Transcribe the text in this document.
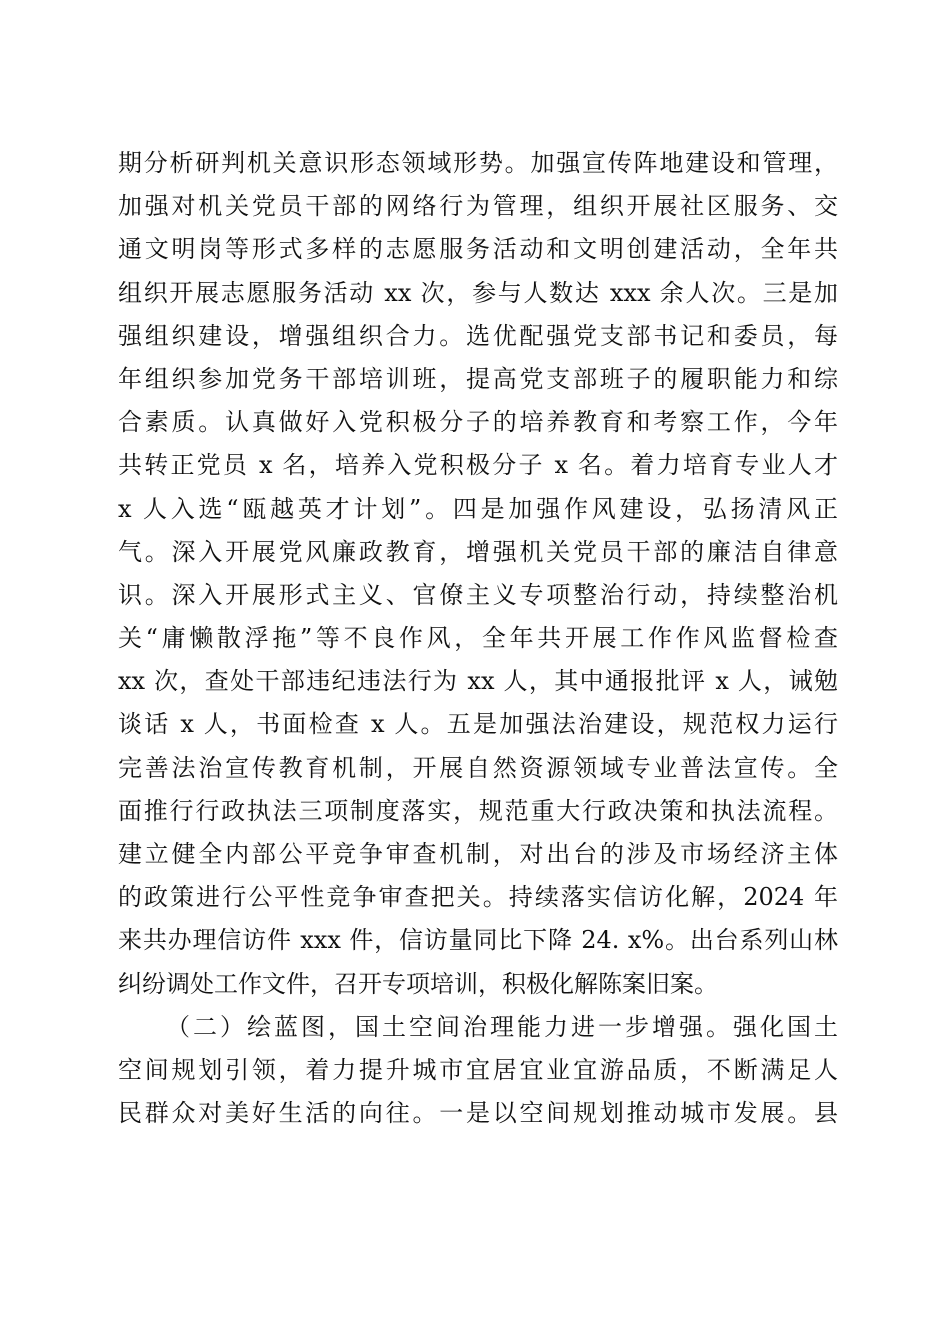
期分析研判机关意识形态领域形势。加强宣传阵地建设和管理，
加强对机关党员干部的网络行为管理，组织开展社区服务、交
通文明岗等形式多样的志愿服务活动和文明创建活动，全年共
组织开展志愿服务活动 xx 次，参与人数达 xxx 余人次。三是加
强组织建设，增强组织合力。选优配强党支部书记和委员，每
年组织参加党务干部培训班，提高党支部班子的履职能力和综
合素质。认真做好入党积极分子的培养教育和考察工作，今年
共转正党员 x 名，培养入党积极分子 x 名。着力培育专业人才
x 人入选“瓯越英才计划”。四是加强作风建设，弘扬清风正
气。深入开展党风廉政教育，增强机关党员干部的廉洁自律意
识。深入开展形式主义、官僚主义专项整治行动，持续整治机
关“庸懒散浮拖”等不良作风，全年共开展工作作风监督检查
xx 次，查处干部违纪违法行为 xx 人，其中通报批评 x 人，诫勉
谈话 x 人，书面检查 x 人。五是加强法治建设，规范权力运行
完善法治宣传教育机制，开展自然资源领域专业普法宣传。全
面推行行政执法三项制度落实，规范重大行政决策和执法流程。
建立健全内部公平竞争审查机制，对出台的涉及市场经济主体
的政策进行公平性竞争审查把关。持续落实信访化解，2024 年
来共办理信访件 xxx 件，信访量同比下降 24. x%。出台系列山林
纠纷调处工作文件，召开专项培训，积极化解陈案旧案。
（二）绘蓝图，国土空间治理能力进一步增强。强化国土
空间规划引领，着力提升城市宜居宜业宜游品质，不断满足人
民群众对美好生活的向往。一是以空间规划推动城市发展。县
